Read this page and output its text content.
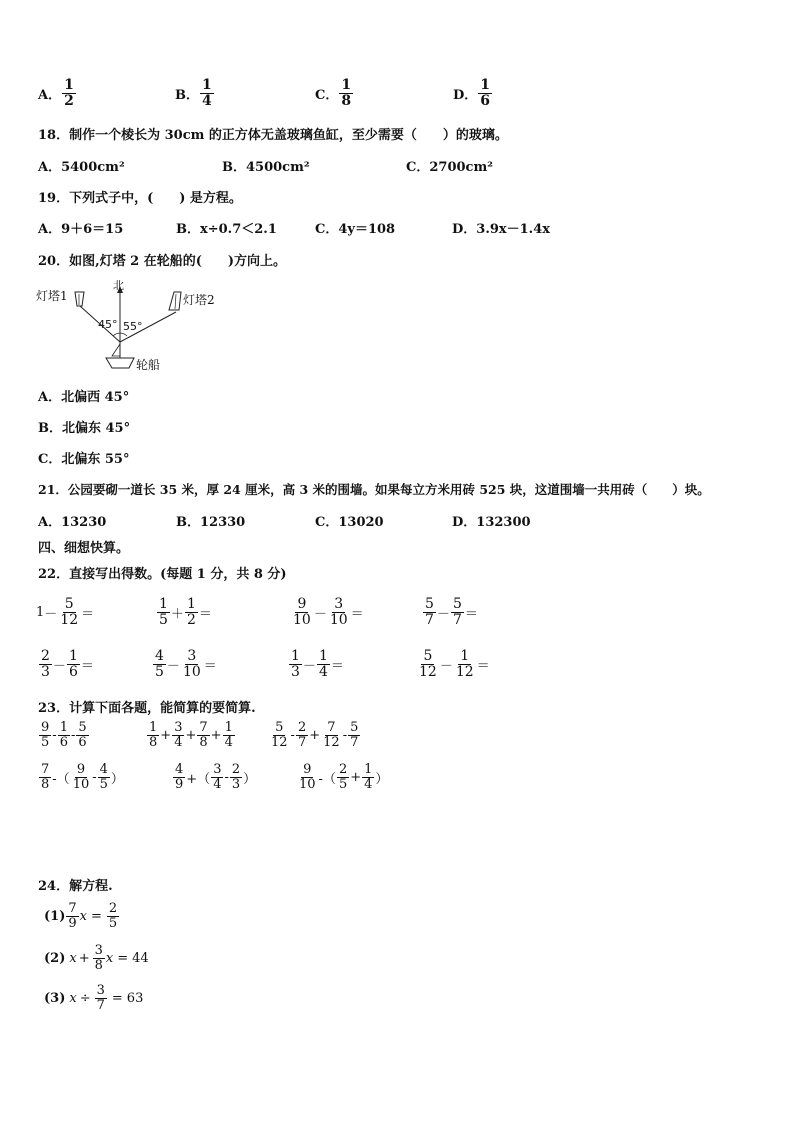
A． $\frac{1}{2}$	B． $\frac{1}{4}$	C． $\frac{1}{8}$	D． $\frac{1}{6}$
18．制作一个棱长为 30cm 的正方体无盖玻璃鱼缸，至少需要（　　）的玻璃。
A．5400cm²	B．4500cm²	C．2700cm²
19．下列式子中，(　　) 是方程。
A．9＋6＝15	B．x÷0.7＜2.1	C．4y＝108	D．3.9x－1.4x
20．如图,灯塔 2 在轮船的(　　)方向上。
灯塔1	灯塔2
北
45° 55°
轮船
A．北偏西 45°
B．北偏东 45°
C．北偏东 55°
21．公园要砌一道长 35 米，厚 24 厘米，高 3 米的围墙。如果每立方米用砖 525 块，这道围墙一共用砖（　　）块。
A．13230	B．12330	C．13020	D．132300
四、细想快算。
22．直接写出得数。(每题 1 分，共 8 分)
$1 - \frac{5}{12}$ ＝	$\frac{1}{5} + \frac{1}{2}$ ＝	$\frac{9}{10} - \frac{3}{10}$ ＝	$\frac{5}{7} - \frac{5}{7}$ ＝
$\frac{2}{3} - \frac{1}{6}$ ＝	$\frac{4}{5} - \frac{3}{10}$ ＝	$\frac{1}{3} - \frac{1}{4}$ ＝	$\frac{5}{12} - \frac{1}{12}$ ＝
23．计算下面各题，能简算的要简算.
$\frac{9}{5} - \frac{1}{6} - \frac{5}{6}$	$\frac{1}{8} + \frac{3}{4} + \frac{7}{8} + \frac{1}{4}$	$\frac{5}{12} - \frac{2}{7} + \frac{7}{12} - \frac{5}{7}$
$\frac{7}{8}$ -（ $\frac{9}{10} - \frac{4}{5}$ ）	$\frac{4}{9}$ +（ $\frac{3}{4} - \frac{2}{3}$ ）	$\frac{9}{10}$ -（ $\frac{2}{5} + \frac{1}{4}$ ）
24．解方程.
$(1) \frac{7}{9}$ $x = \frac{2}{5}$
(2) $x + \frac{3}{8}$ x = 44
(3) $x \div \frac{3}{7} = 63$
